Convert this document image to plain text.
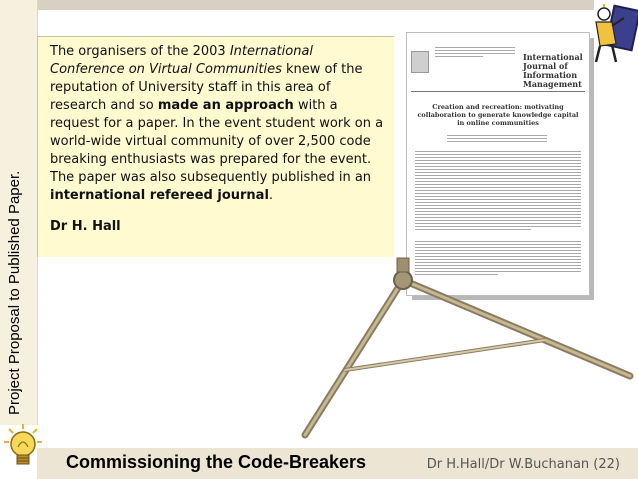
Project Proposal to Published Paper.
The organisers of the 2003 International Conference on Virtual Communities knew of the reputation of University staff in this area of research and so made an approach with a request for a paper. In the event student work on a world-wide virtual community of over 2,500 code breaking enthusiasts was prepared for the event. The paper was also subsequently published in an international refereed journal.
Dr H. Hall
International Journal of Information Management
Creation and recreation: motivating collaboration to generate knowledge capital in online communities
Commissioning the Code-Breakers	Dr H.Hall/Dr W.Buchanan (22)
